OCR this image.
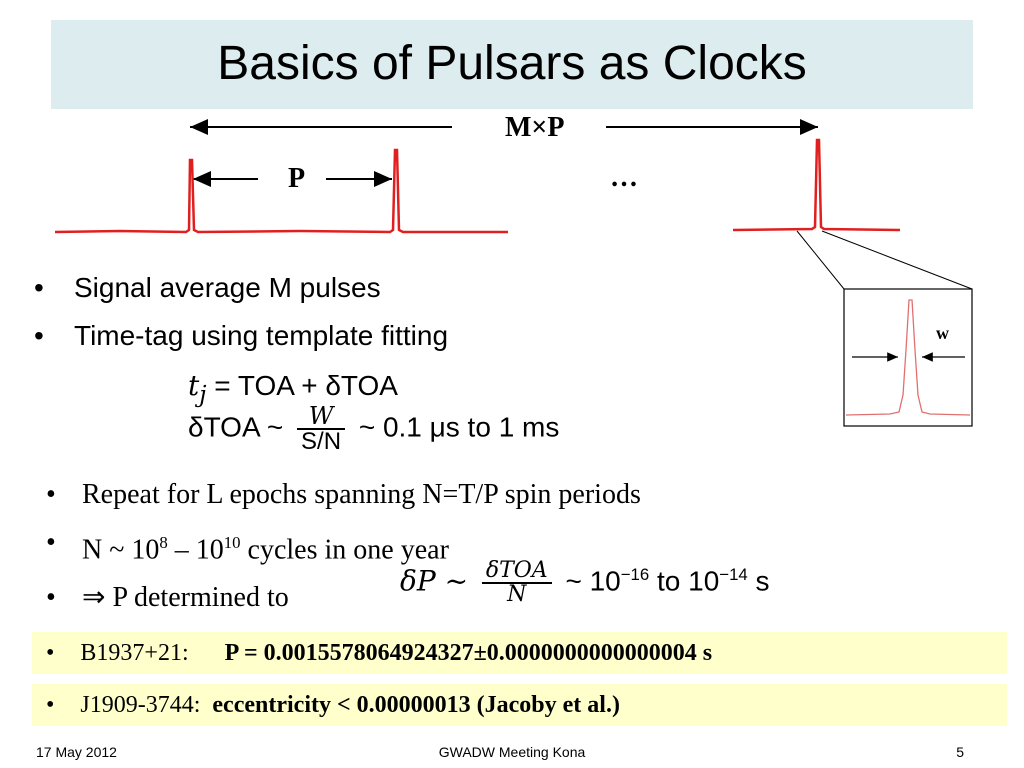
Basics of Pulsars as Clocks
M×P
P	…
w
• Signal average M pulses
• Time-tag using template fitting
$t_j$ = TOA + δTOA
δTOA ~ $\frac{W}{S/N}$ ~ 0.1 μs to 1 ms
• Repeat for L epochs spanning N=T/P spin periods
• N ~ $10^8 - 10^{10}$ cycles in one year
• ⇒ P determined to
δP ~ $\frac{\text{δTOA}}{N}$ ~ $10^{-16}$ to $10^{-14}$ s
• B1937+21: P = 0.0015578064924327±0.0000000000000004 s
• J1909-3744: eccentricity < 0.00000013 (Jacoby et al.)
17 May 2012	GWADW Meeting Kona	5
